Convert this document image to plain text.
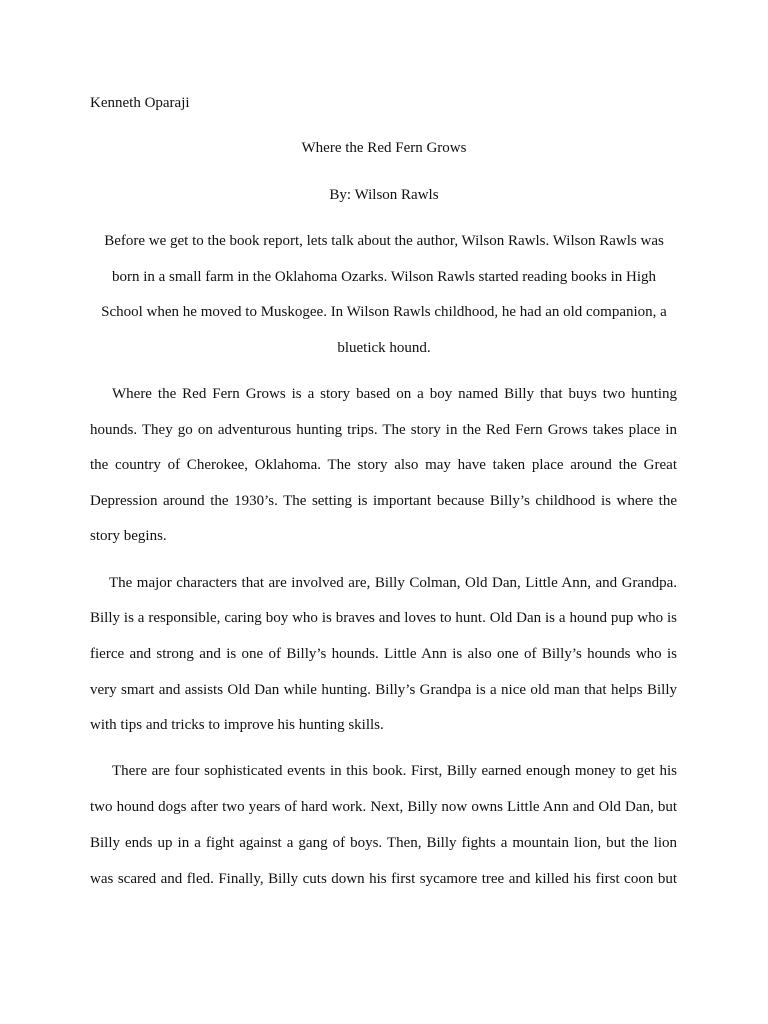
Kenneth Oparaji
Where the Red Fern Grows
By: Wilson Rawls
Before we get to the book report, lets talk about the author, Wilson Rawls. Wilson Rawls was
born in a small farm in the Oklahoma Ozarks. Wilson Rawls started reading books in High
School when he moved to Muskogee. In Wilson Rawls childhood, he had an old companion, a
bluetick hound.
Where the Red Fern Grows is a story based on a boy named Billy that buys two hunting
hounds. They go on adventurous hunting trips. The story in the Red Fern Grows takes place in
the country of Cherokee, Oklahoma. The story also may have taken place around the Great
Depression around the 1930’s. The setting is important because Billy’s childhood is where the
story begins.
The major characters that are involved are, Billy Colman, Old Dan, Little Ann, and Grandpa.
Billy is a responsible, caring boy who is braves and loves to hunt. Old Dan is a hound pup who is
fierce and strong and is one of Billy’s hounds. Little Ann is also one of Billy’s hounds who is
very smart and assists Old Dan while hunting. Billy’s Grandpa is a nice old man that helps Billy
with tips and tricks to improve his hunting skills.
There are four sophisticated events in this book. First, Billy earned enough money to get his
two hound dogs after two years of hard work. Next, Billy now owns Little Ann and Old Dan, but
Billy ends up in a fight against a gang of boys. Then, Billy fights a mountain lion, but the lion
was scared and fled. Finally, Billy cuts down his first sycamore tree and killed his first coon but
